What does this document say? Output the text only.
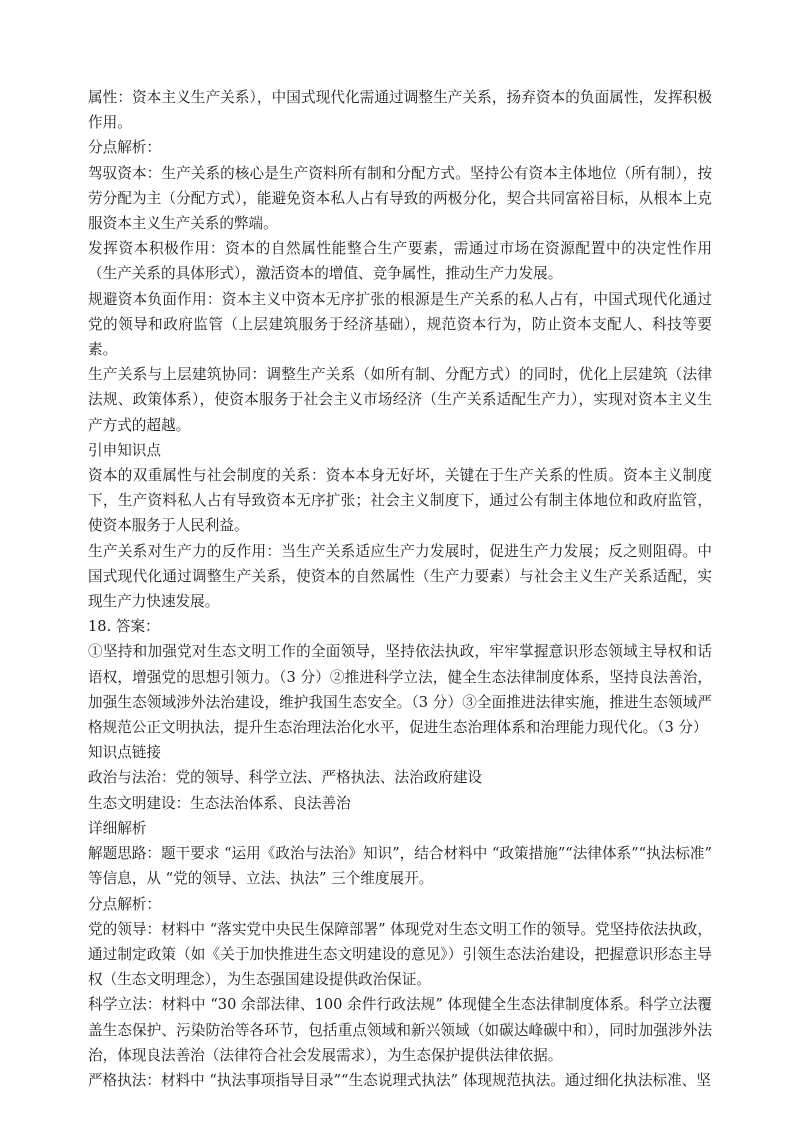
属性：资本主义生产关系），中国式现代化需通过调整生产关系，扬弃资本的负面属性，发挥积极作用。

分点解析：

驾驭资本：生产关系的核心是生产资料所有制和分配方式。坚持公有资本主体地位（所有制），按劳分配为主（分配方式），能避免资本私人占有导致的两极分化，契合共同富裕目标，从根本上克服资本主义生产关系的弊端。

发挥资本积极作用：资本的自然属性能整合生产要素，需通过市场在资源配置中的决定性作用（生产关系的具体形式），激活资本的增值、竞争属性，推动生产力发展。

规避资本负面作用：资本主义中资本无序扩张的根源是生产关系的私人占有，中国式现代化通过党的领导和政府监管（上层建筑服务于经济基础），规范资本行为，防止资本支配人、科技等要素。

生产关系与上层建筑协同：调整生产关系（如所有制、分配方式）的同时，优化上层建筑（法律法规、政策体系），使资本服务于社会主义市场经济（生产关系适配生产力），实现对资本主义生产方式的超越。

引申知识点

资本的双重属性与社会制度的关系：资本本身无好坏，关键在于生产关系的性质。资本主义制度下，生产资料私人占有导致资本无序扩张；社会主义制度下，通过公有制主体地位和政府监管，使资本服务于人民利益。

生产关系对生产力的反作用：当生产关系适应生产力发展时，促进生产力发展；反之则阻碍。中国式现代化通过调整生产关系，使资本的自然属性（生产力要素）与社会主义生产关系适配，实现生产力快速发展。

18. 答案：

①坚持和加强党对生态文明工作的全面领导，坚持依法执政，牢牢掌握意识形态领域主导权和话语权，增强党的思想引领力。（3 分）②推进科学立法，健全生态法律制度体系，坚持良法善治，加强生态领域涉外法治建设，维护我国生态安全。（3 分）③全面推进法律实施，推进生态领域严格规范公正文明执法，提升生态治理法治化水平，促进生态治理体系和治理能力现代化。（3 分）

知识点链接

政治与法治：党的领导、科学立法、严格执法、法治政府建设

生态文明建设：生态法治体系、良法善治

详细解析

解题思路：题干要求 “运用《政治与法治》知识”，结合材料中 “政策措施”“法律体系”“执法标准” 等信息，从 “党的领导、立法、执法” 三个维度展开。

分点解析：

党的领导：材料中 “落实党中央民生保障部署” 体现党对生态文明工作的领导。党坚持依法执政，通过制定政策（如《关于加快推进生态文明建设的意见》）引领生态法治建设，把握意识形态主导权（生态文明理念），为生态强国建设提供政治保证。

科学立法：材料中 “30 余部法律、100 余件行政法规” 体现健全生态法律制度体系。科学立法覆盖生态保护、污染防治等各环节，包括重点领域和新兴领域（如碳达峰碳中和），同时加强涉外法治，体现良法善治（法律符合社会发展需求），为生态保护提供法律依据。

严格执法：材料中 “执法事项指导目录”“生态说理式执法” 体现规范执法。通过细化执法标准、坚
